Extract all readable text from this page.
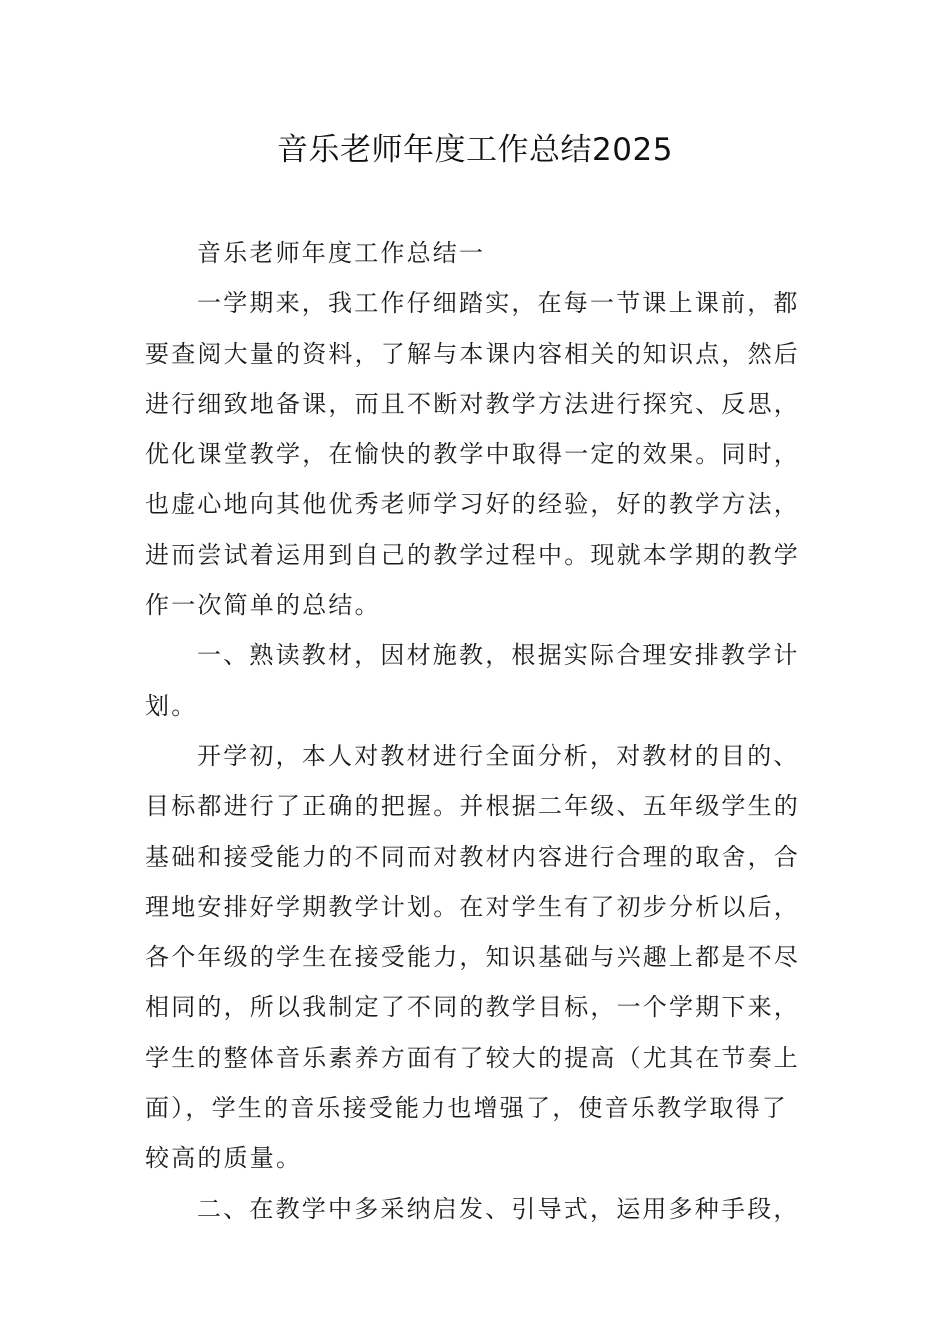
音乐老师年度工作总结2025

音乐老师年度工作总结一

一学期来，我工作仔细踏实，在每一节课上课前，都

要查阅大量的资料，了解与本课内容相关的知识点，然后

进行细致地备课，而且不断对教学方法进行探究、反思，

优化课堂教学，在愉快的教学中取得一定的效果。同时，

也虚心地向其他优秀老师学习好的经验，好的教学方法，

进而尝试着运用到自己的教学过程中。现就本学期的教学

作一次简单的总结。

一、熟读教材，因材施教，根据实际合理安排教学计

划。

开学初，本人对教材进行全面分析，对教材的目的、

目标都进行了正确的把握。并根据二年级、五年级学生的

基础和接受能力的不同而对教材内容进行合理的取舍，合

理地安排好学期教学计划。在对学生有了初步分析以后，

各个年级的学生在接受能力，知识基础与兴趣上都是不尽

相同的，所以我制定了不同的教学目标，一个学期下来，

学生的整体音乐素养方面有了较大的提高（尤其在节奏上

面），学生的音乐接受能力也增强了，使音乐教学取得了

较高的质量。

二、在教学中多采纳启发、引导式，运用多种手段，
